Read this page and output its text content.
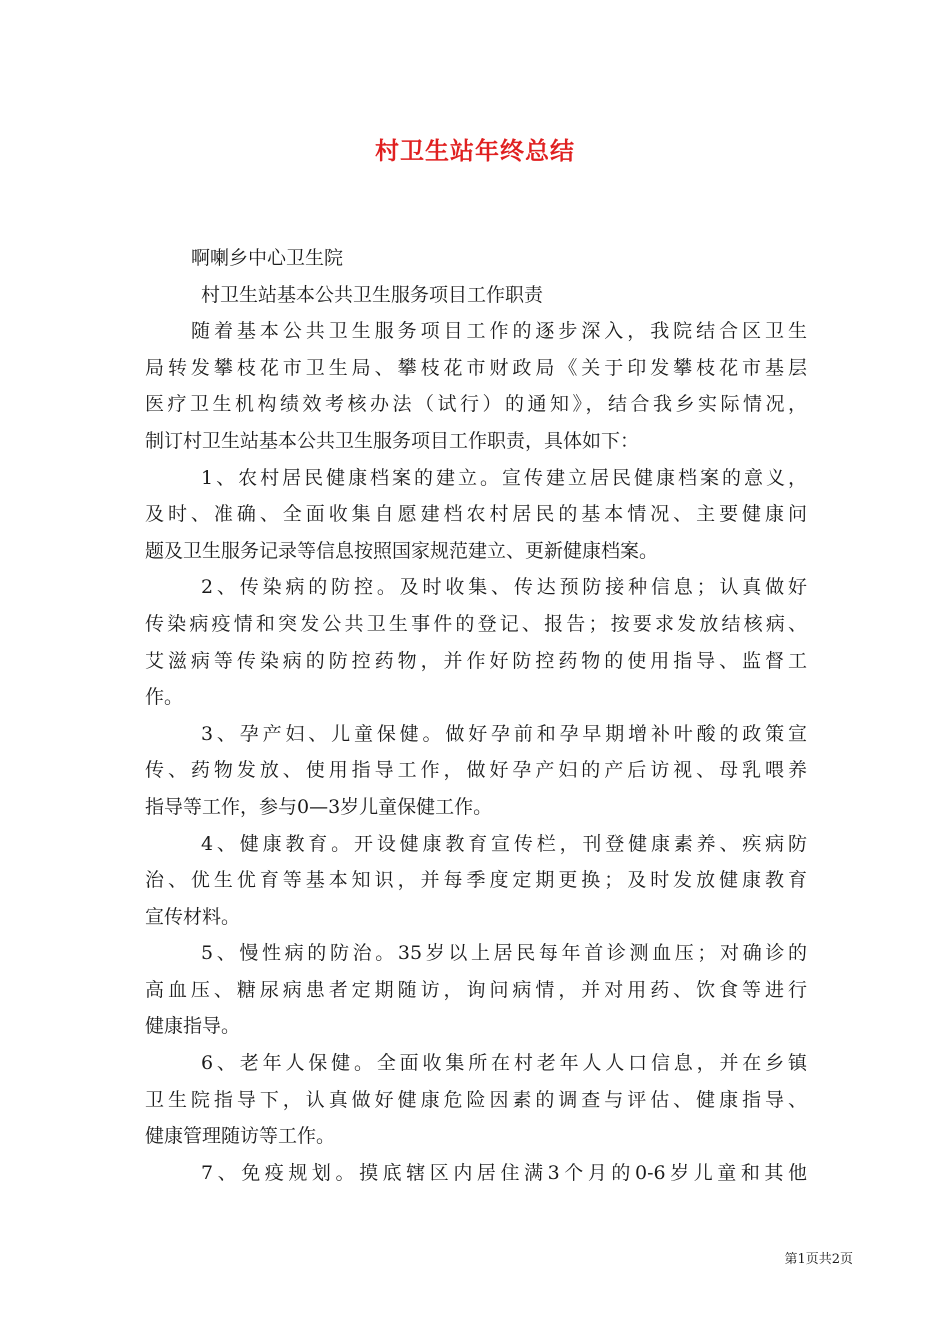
村卫生站年终总结

啊喇乡中心卫生院

村卫生站基本公共卫生服务项目工作职责

随着基本公共卫生服务项目工作的逐步深入，我院结合区卫生

局转发攀枝花市卫生局、攀枝花市财政局《关于印发攀枝花市基层

医疗卫生机构绩效考核办法（试行）的通知》，结合我乡实际情况，

制订村卫生站基本公共卫生服务项目工作职责，具体如下：

1、农村居民健康档案的建立。宣传建立居民健康档案的意义，

及时、准确、全面收集自愿建档农村居民的基本情况、主要健康问

题及卫生服务记录等信息按照国家规范建立、更新健康档案。

2、传染病的防控。及时收集、传达预防接种信息；认真做好

传染病疫情和突发公共卫生事件的登记、报告；按要求发放结核病、

艾滋病等传染病的防控药物，并作好防控药物的使用指导、监督工

作。

3、孕产妇、儿童保健。做好孕前和孕早期增补叶酸的政策宣

传、药物发放、使用指导工作，做好孕产妇的产后访视、母乳喂养

指导等工作，参与0—3岁儿童保健工作。

4、健康教育。开设健康教育宣传栏，刊登健康素养、疾病防

治、优生优育等基本知识，并每季度定期更换；及时发放健康教育

宣传材料。

5、慢性病的防治。35岁以上居民每年首诊测血压；对确诊的

高血压、糖尿病患者定期随访，询问病情，并对用药、饮食等进行

健康指导。

6、老年人保健。全面收集所在村老年人人口信息，并在乡镇

卫生院指导下，认真做好健康危险因素的调查与评估、健康指导、

健康管理随访等工作。

7、免疫规划。摸底辖区内居住满3个月的0-6岁儿童和其他

第1页共2页
